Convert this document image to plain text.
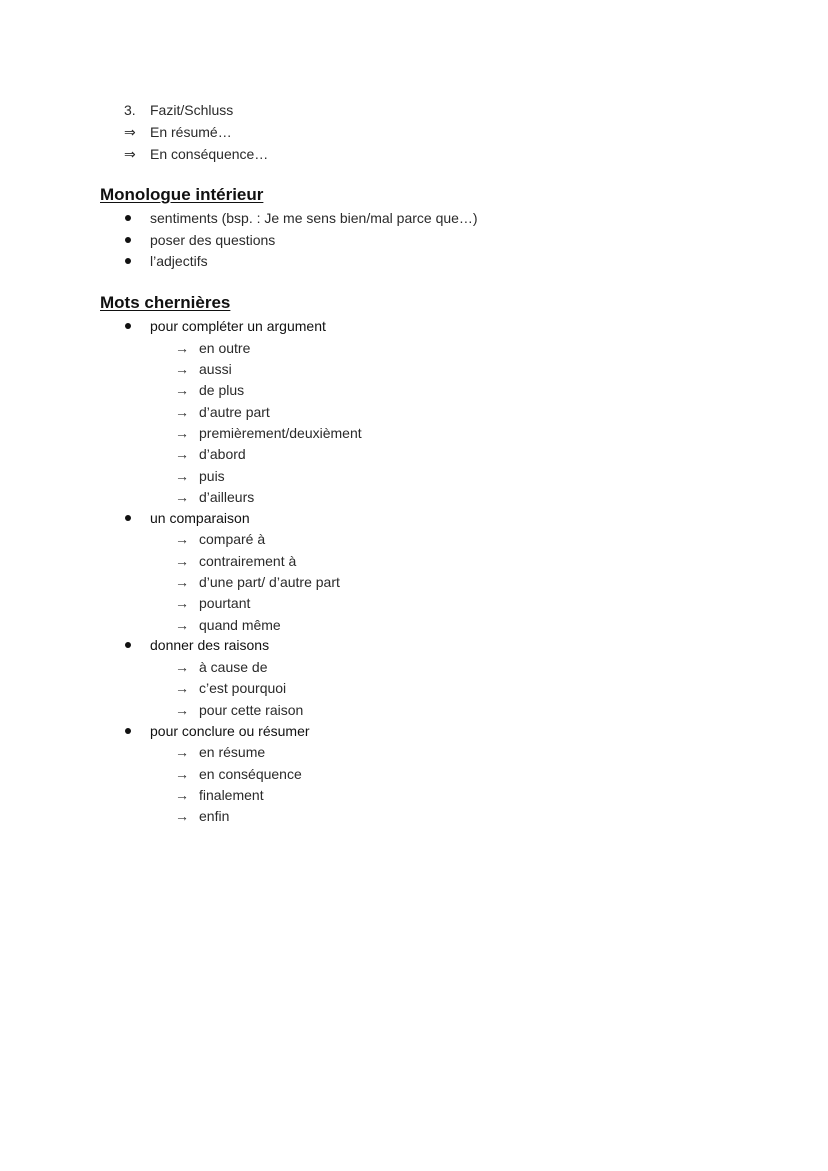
3. Fazit/Schluss
⇒ En résumé…
⇒ En conséquence…
Monologue intérieur
sentiments (bsp. : Je me sens bien/mal parce que…)
poser des questions
l’adjectifs
Mots chernières
pour compléter un argument
→ en outre
→ aussi
→ de plus
→ d’autre part
→ premièrement/deuxièment
→ d’abord
→ puis
→ d’ailleurs
un comparaison
→ comparé à
→ contrairement à
→ d’une part/ d’autre part
→ pourtant
→ quand même
donner des raisons
→ à cause de
→ c’est pourquoi
→ pour cette raison
pour conclure ou résumer
→ en résume
→ en conséquence
→ finalement
→ enfin
